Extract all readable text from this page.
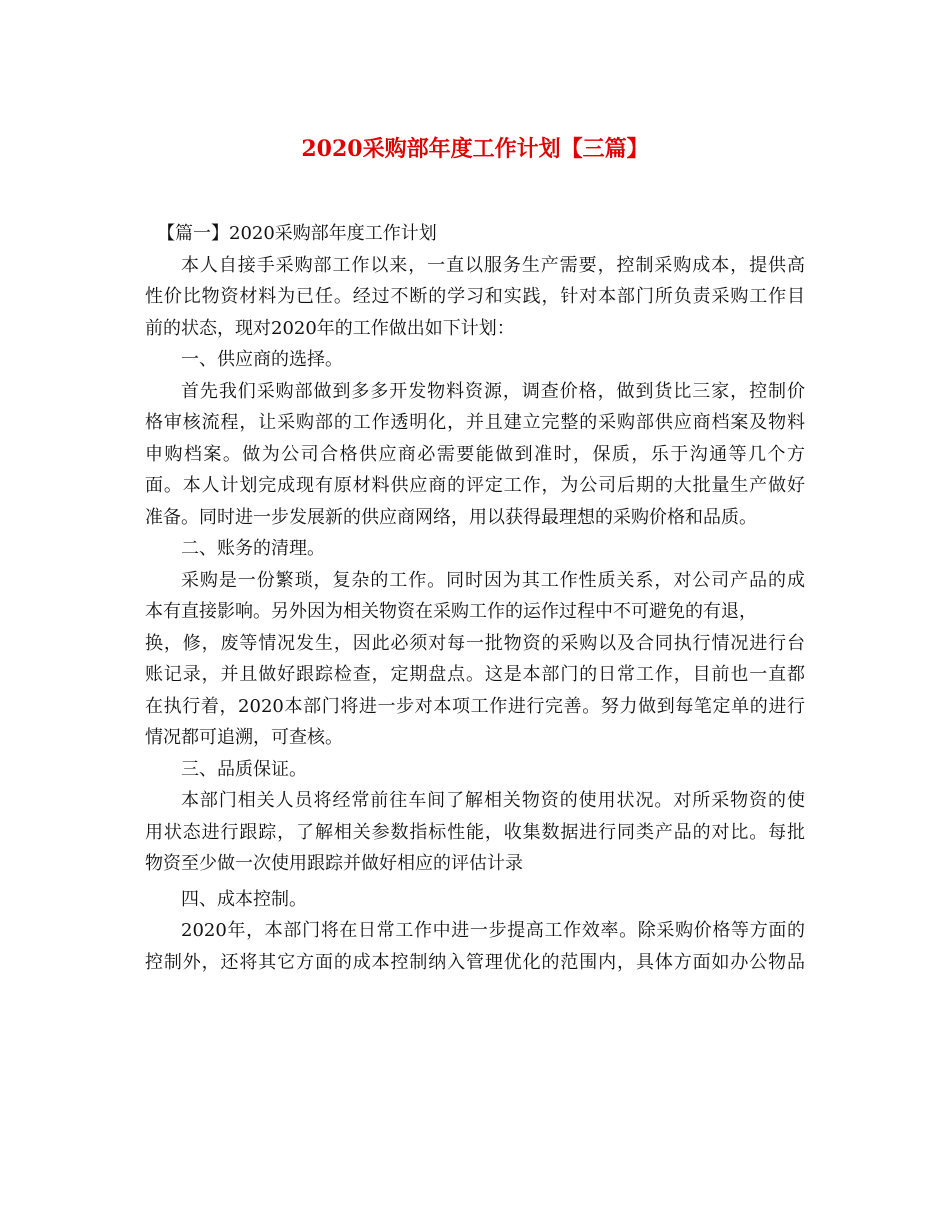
2020采购部年度工作计划【三篇】
【篇一】2020采购部年度工作计划
本人自接手采购部工作以来，一直以服务生产需要，控制采购成本，提供高
性价比物资材料为已任。经过不断的学习和实践，针对本部门所负责采购工作目
前的状态，现对2020年的工作做出如下计划：
一、供应商的选择。
首先我们采购部做到多多开发物料资源，调查价格，做到货比三家，控制价
格审核流程，让采购部的工作透明化，并且建立完整的采购部供应商档案及物料
申购档案。做为公司合格供应商必需要能做到准时，保质，乐于沟通等几个方
面。本人计划完成现有原材料供应商的评定工作，为公司后期的大批量生产做好
准备。同时进一步发展新的供应商网络，用以获得最理想的采购价格和品质。
二、账务的清理。
采购是一份繁琐，复杂的工作。同时因为其工作性质关系，对公司产品的成
本有直接影响。另外因为相关物资在采购工作的运作过程中不可避免的有退，
换，修，废等情况发生，因此必须对每一批物资的采购以及合同执行情况进行台
账记录，并且做好跟踪检查，定期盘点。这是本部门的日常工作，目前也一直都
在执行着，2020本部门将进一步对本项工作进行完善。努力做到每笔定单的进行
情况都可追溯，可查核。
三、品质保证。
本部门相关人员将经常前往车间了解相关物资的使用状况。对所采物资的使
用状态进行跟踪，了解相关参数指标性能，收集数据进行同类产品的对比。每批
物资至少做一次使用跟踪并做好相应的评估计录
四、成本控制。
2020年，本部门将在日常工作中进一步提高工作效率。除采购价格等方面的
控制外，还将其它方面的成本控制纳入管理优化的范围内，具体方面如办公物品
